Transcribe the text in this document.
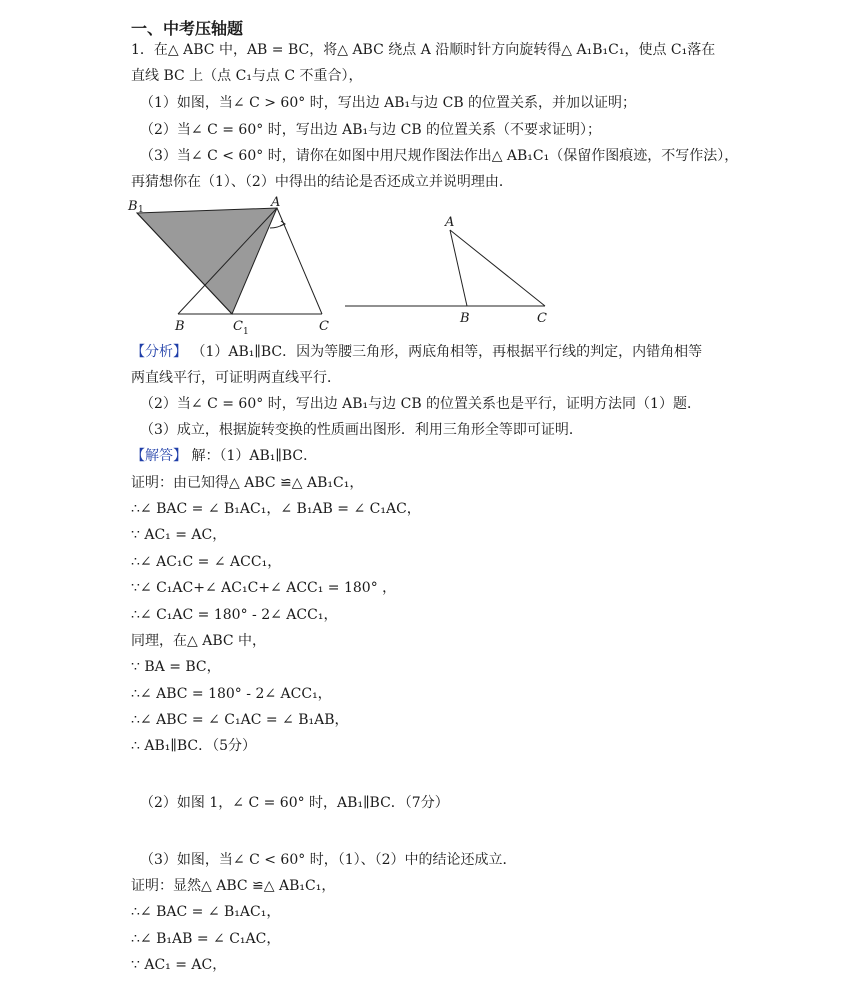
一、中考压轴题
1．在△ ABC 中，AB = BC，将△ ABC 绕点 A 沿顺时针方向旋转得△ A₁B₁C₁，使点 C₁落在
直线 BC 上（点 C₁与点 C 不重合），
（1）如图，当∠ C > 60° 时，写出边 AB₁与边 CB 的位置关系，并加以证明；
（2）当∠ C = 60° 时，写出边 AB₁与边 CB 的位置关系（不要求证明）；
（3）当∠ C < 60° 时，请你在如图中用尺规作图法作出△ AB₁C₁（保留作图痕迹，不写作法），
再猜想你在（1）、（2）中得出的结论是否还成立并说明理由．
B 1	A
B	C 1	C
A
B	C
【分析】 （1）AB₁∥BC．因为等腰三角形，两底角相等，再根据平行线的判定，内错角相等
两直线平行，可证明两直线平行．
（2）当∠ C = 60° 时，写出边 AB₁与边 CB 的位置关系也是平行，证明方法同（1）题．
（3）成立，根据旋转变换的性质画出图形．利用三角形全等即可证明．
【解答】 解：（1）AB₁∥BC．
证明：由已知得△ ABC ≌△ AB₁C₁，
∴∠ BAC = ∠ B₁AC₁，∠ B₁AB = ∠ C₁AC，
∵ AC₁ = AC，
∴∠ AC₁C = ∠ ACC₁，
∵∠ C₁AC+∠ AC₁C+∠ ACC₁ = 180° ，
∴∠ C₁AC = 180° - 2∠ ACC₁，
同理，在△ ABC 中，
∵ BA = BC，
∴∠ ABC = 180° - 2∠ ACC₁，
∴∠ ABC = ∠ C₁AC = ∠ B₁AB，
∴ AB₁∥BC．（5分）
（2）如图 1，∠ C = 60° 时，AB₁∥BC．（7分）
（3）如图，当∠ C < 60° 时，（1）、（2）中的结论还成立．
证明：显然△ ABC ≌△ AB₁C₁，
∴∠ BAC = ∠ B₁AC₁，
∴∠ B₁AB = ∠ C₁AC，
∵ AC₁ = AC，
